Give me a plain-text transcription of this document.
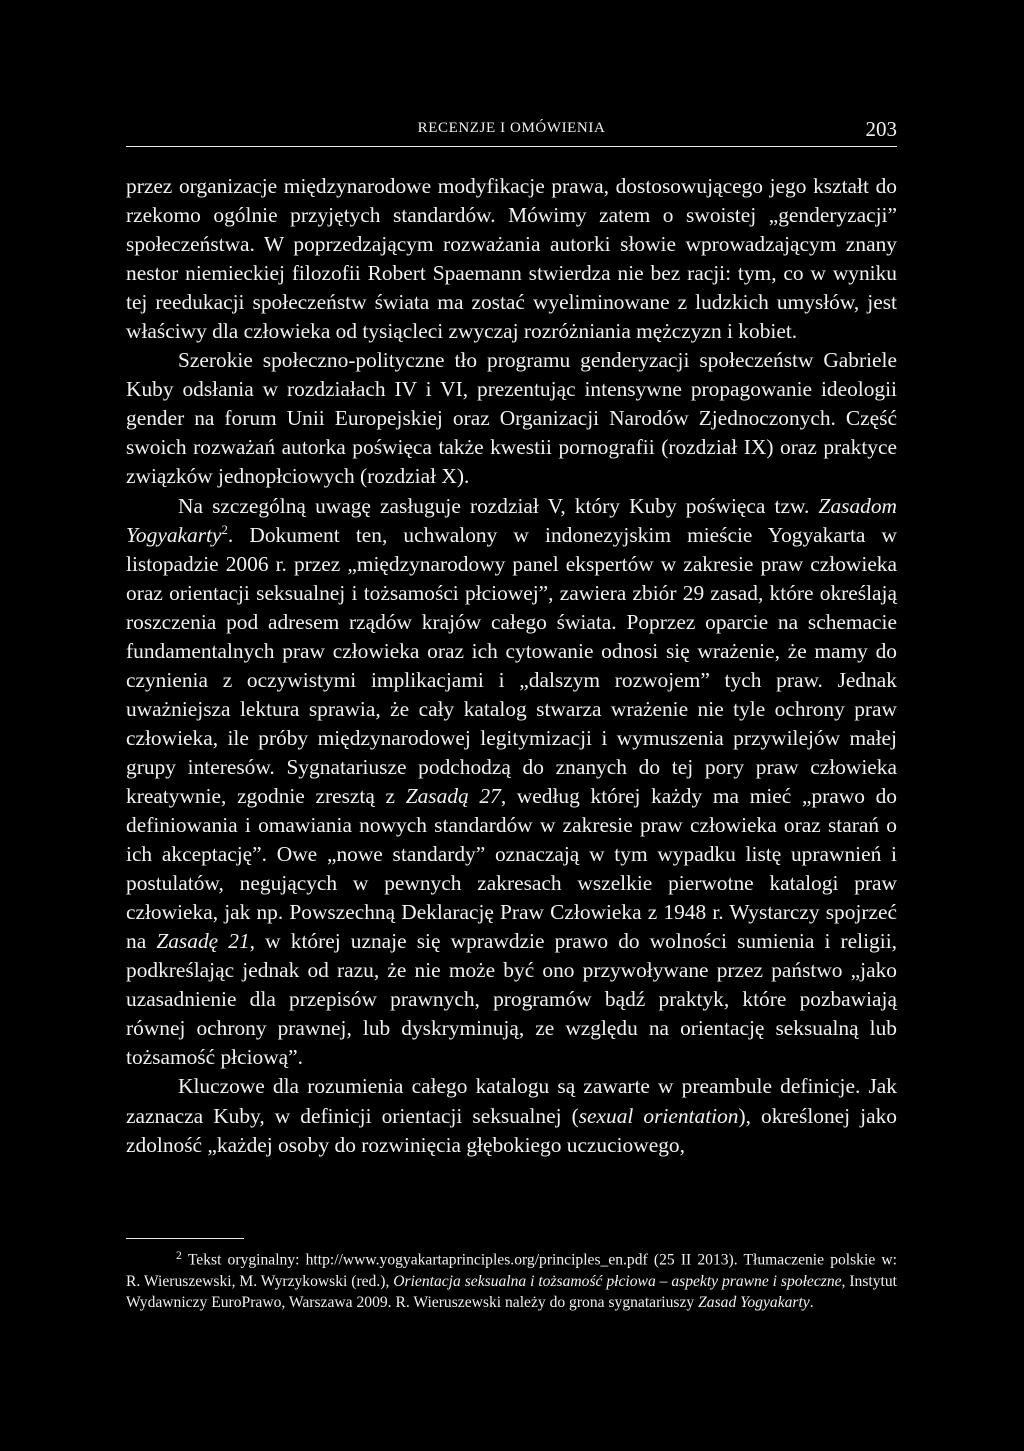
RECENZJE I OMÓWIENIA	203

przez organizacje międzynarodowe modyfikacje prawa, dostosowującego jego kształt do rzekomo ogólnie przyjętych standardów. Mówimy zatem o swoistej „genderyzacji” społeczeństwa. W poprzedzającym rozważania autorki słowie wprowadzającym znany nestor niemieckiej filozofii Robert Spaemann stwierdza nie bez racji: tym, co w wyniku tej reedukacji społeczeństw świata ma zostać wyeliminowane z ludzkich umysłów, jest właściwy dla człowieka od tysiącleci zwyczaj rozróżniania mężczyzn i kobiet.

Szerokie społeczno-polityczne tło programu genderyzacji społeczeństw Gabriele Kuby odsłania w rozdziałach IV i VI, prezentując intensywne propagowanie ideologii gender na forum Unii Europejskiej oraz Organizacji Narodów Zjednoczonych. Część swoich rozważań autorka poświęca także kwestii pornografii (rozdział IX) oraz praktyce związków jednopłciowych (rozdział X).

Na szczególną uwagę zasługuje rozdział V, który Kuby poświęca tzw. Zasadom Yogyakarty$^2$. Dokument ten, uchwalony w indonezyjskim mieście Yogyakarta w listopadzie 2006 r. przez „międzynarodowy panel ekspertów w zakresie praw człowieka oraz orientacji seksualnej i tożsamości płciowej”, zawiera zbiór 29 zasad, które określają roszczenia pod adresem rządów krajów całego świata. Poprzez oparcie na schemacie fundamentalnych praw człowieka oraz ich cytowanie odnosi się wrażenie, że mamy do czynienia z oczywistymi implikacjami i „dalszym rozwojem” tych praw. Jednak uważniejsza lektura sprawia, że cały katalog stwarza wrażenie nie tyle ochrony praw człowieka, ile próby międzynarodowej legitymizacji i wymuszenia przywilejów małej grupy interesów. Sygnatariusze podchodzą do znanych do tej pory praw człowieka kreatywnie, zgodnie zresztą z Zasadą 27, według której każdy ma mieć „prawo do definiowania i omawiania nowych standardów w zakresie praw człowieka oraz starań o ich akceptację”. Owe „nowe standardy” oznaczają w tym wypadku listę uprawnień i postulatów, negujących w pewnych zakresach wszelkie pierwotne katalogi praw człowieka, jak np. Powszechną Deklarację Praw Człowieka z 1948 r. Wystarczy spojrzeć na Zasadę 21, w której uznaje się wprawdzie prawo do wolności sumienia i religii, podkreślając jednak od razu, że nie może być ono przywoływane przez państwo „jako uzasadnienie dla przepisów prawnych, programów bądź praktyk, które pozbawiają równej ochrony prawnej, lub dyskryminują, ze względu na orientację seksualną lub tożsamość płciową”.

Kluczowe dla rozumienia całego katalogu są zawarte w preambule definicje. Jak zaznacza Kuby, w definicji orientacji seksualnej (sexual orientation), określonej jako zdolność „każdej osoby do rozwinięcia głębokiego uczuciowego,

$^2$ Tekst oryginalny: http://www.yogyakartaprinciples.org/principles_en.pdf (25 II 2013). Tłumaczenie polskie w: R. Wieruszewski, M. Wyrzykowski (red.), Orientacja seksualna i tożsamość płciowa – aspekty prawne i społeczne, Instytut Wydawniczy EuroPrawo, Warszawa 2009. R. Wieruszewski należy do grona sygnatariuszy Zasad Yogyakarty.
